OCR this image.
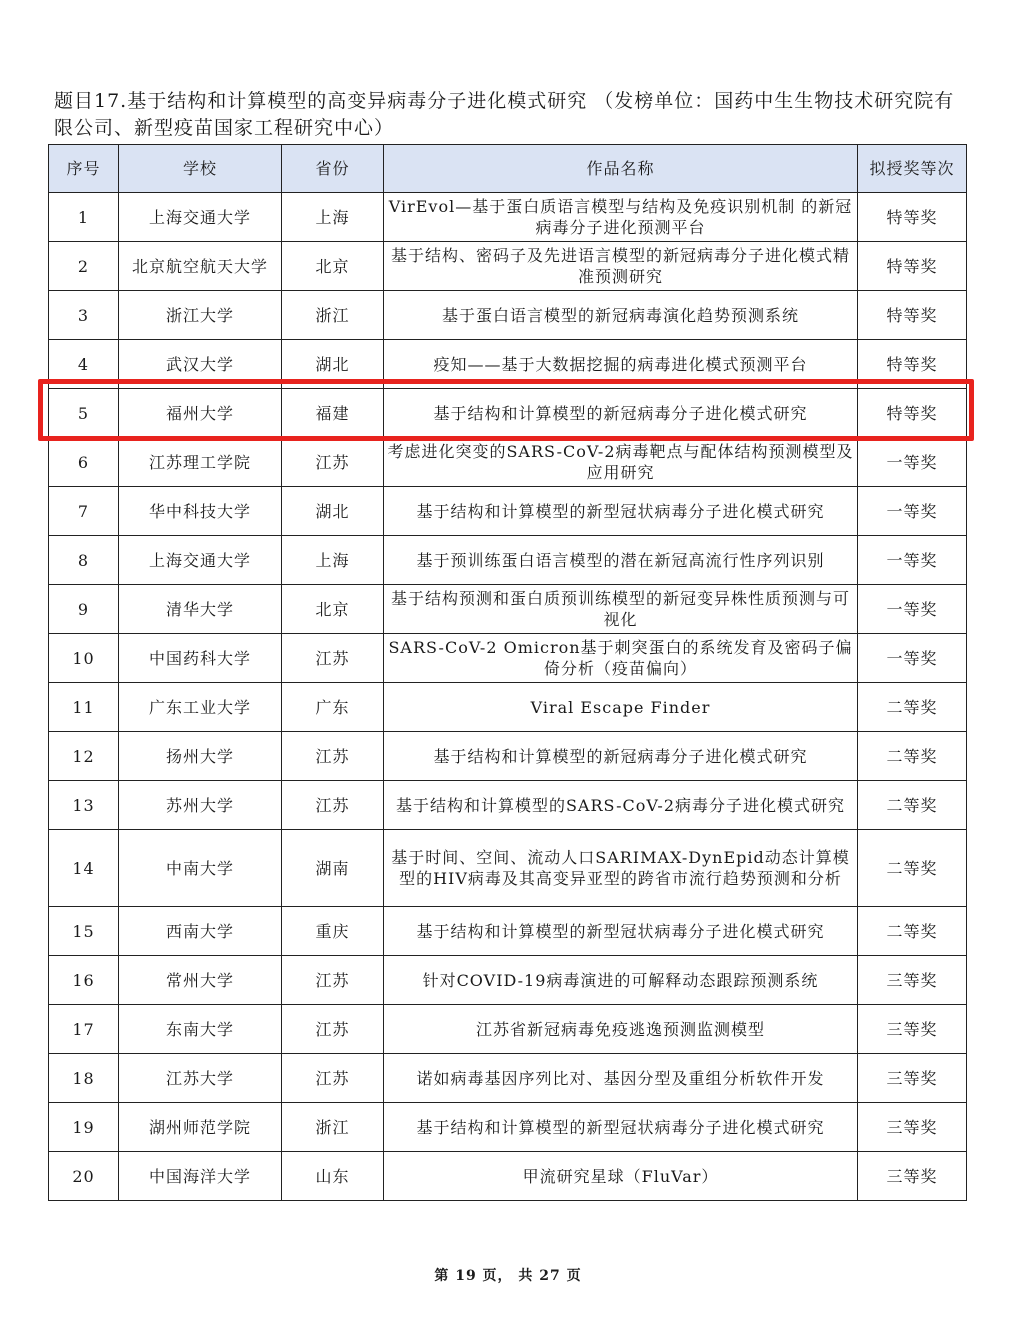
题目17.基于结构和计算模型的高变异病毒分子进化模式研究 （发榜单位：国药中生生物技术研究院有限公司、新型疫苗国家工程研究中心）

序号	学校	省份	作品名称	拟授奖等次
1	上海交通大学	上海	VirEvol—基于蛋白质语言模型与结构及免疫识别机制 的新冠病毒分子进化预测平台	特等奖
2	北京航空航天大学	北京	基于结构、密码子及先进语言模型的新冠病毒分子进化模式精准预测研究	特等奖
3	浙江大学	浙江	基于蛋白语言模型的新冠病毒演化趋势预测系统	特等奖
4	武汉大学	湖北	疫知——基于大数据挖掘的病毒进化模式预测平台	特等奖
5	福州大学	福建	基于结构和计算模型的新冠病毒分子进化模式研究	特等奖
6	江苏理工学院	江苏	考虑进化突变的SARS-CoV-2病毒靶点与配体结构预测模型及应用研究	一等奖
7	华中科技大学	湖北	基于结构和计算模型的新型冠状病毒分子进化模式研究	一等奖
8	上海交通大学	上海	基于预训练蛋白语言模型的潜在新冠高流行性序列识别	一等奖
9	清华大学	北京	基于结构预测和蛋白质预训练模型的新冠变异株性质预测与可视化	一等奖
10	中国药科大学	江苏	SARS-CoV-2 Omicron基于刺突蛋白的系统发育及密码子偏倚分析（疫苗偏向）	一等奖
11	广东工业大学	广东	Viral Escape Finder	二等奖
12	扬州大学	江苏	基于结构和计算模型的新冠病毒分子进化模式研究	二等奖
13	苏州大学	江苏	基于结构和计算模型的SARS-CoV-2病毒分子进化模式研究	二等奖
14	中南大学	湖南	基于时间、空间、流动人口SARIMAX-DynEpid动态计算模型的HIV病毒及其高变异亚型的跨省市流行趋势预测和分析	二等奖
15	西南大学	重庆	基于结构和计算模型的新型冠状病毒分子进化模式研究	二等奖
16	常州大学	江苏	针对COVID-19病毒演进的可解释动态跟踪预测系统	三等奖
17	东南大学	江苏	江苏省新冠病毒免疫逃逸预测监测模型	三等奖
18	江苏大学	江苏	诺如病毒基因序列比对、基因分型及重组分析软件开发	三等奖
19	湖州师范学院	浙江	基于结构和计算模型的新型冠状病毒分子进化模式研究	三等奖
20	中国海洋大学	山东	甲流研究星球（FluVar）	三等奖
第 19 页， 共 27 页
